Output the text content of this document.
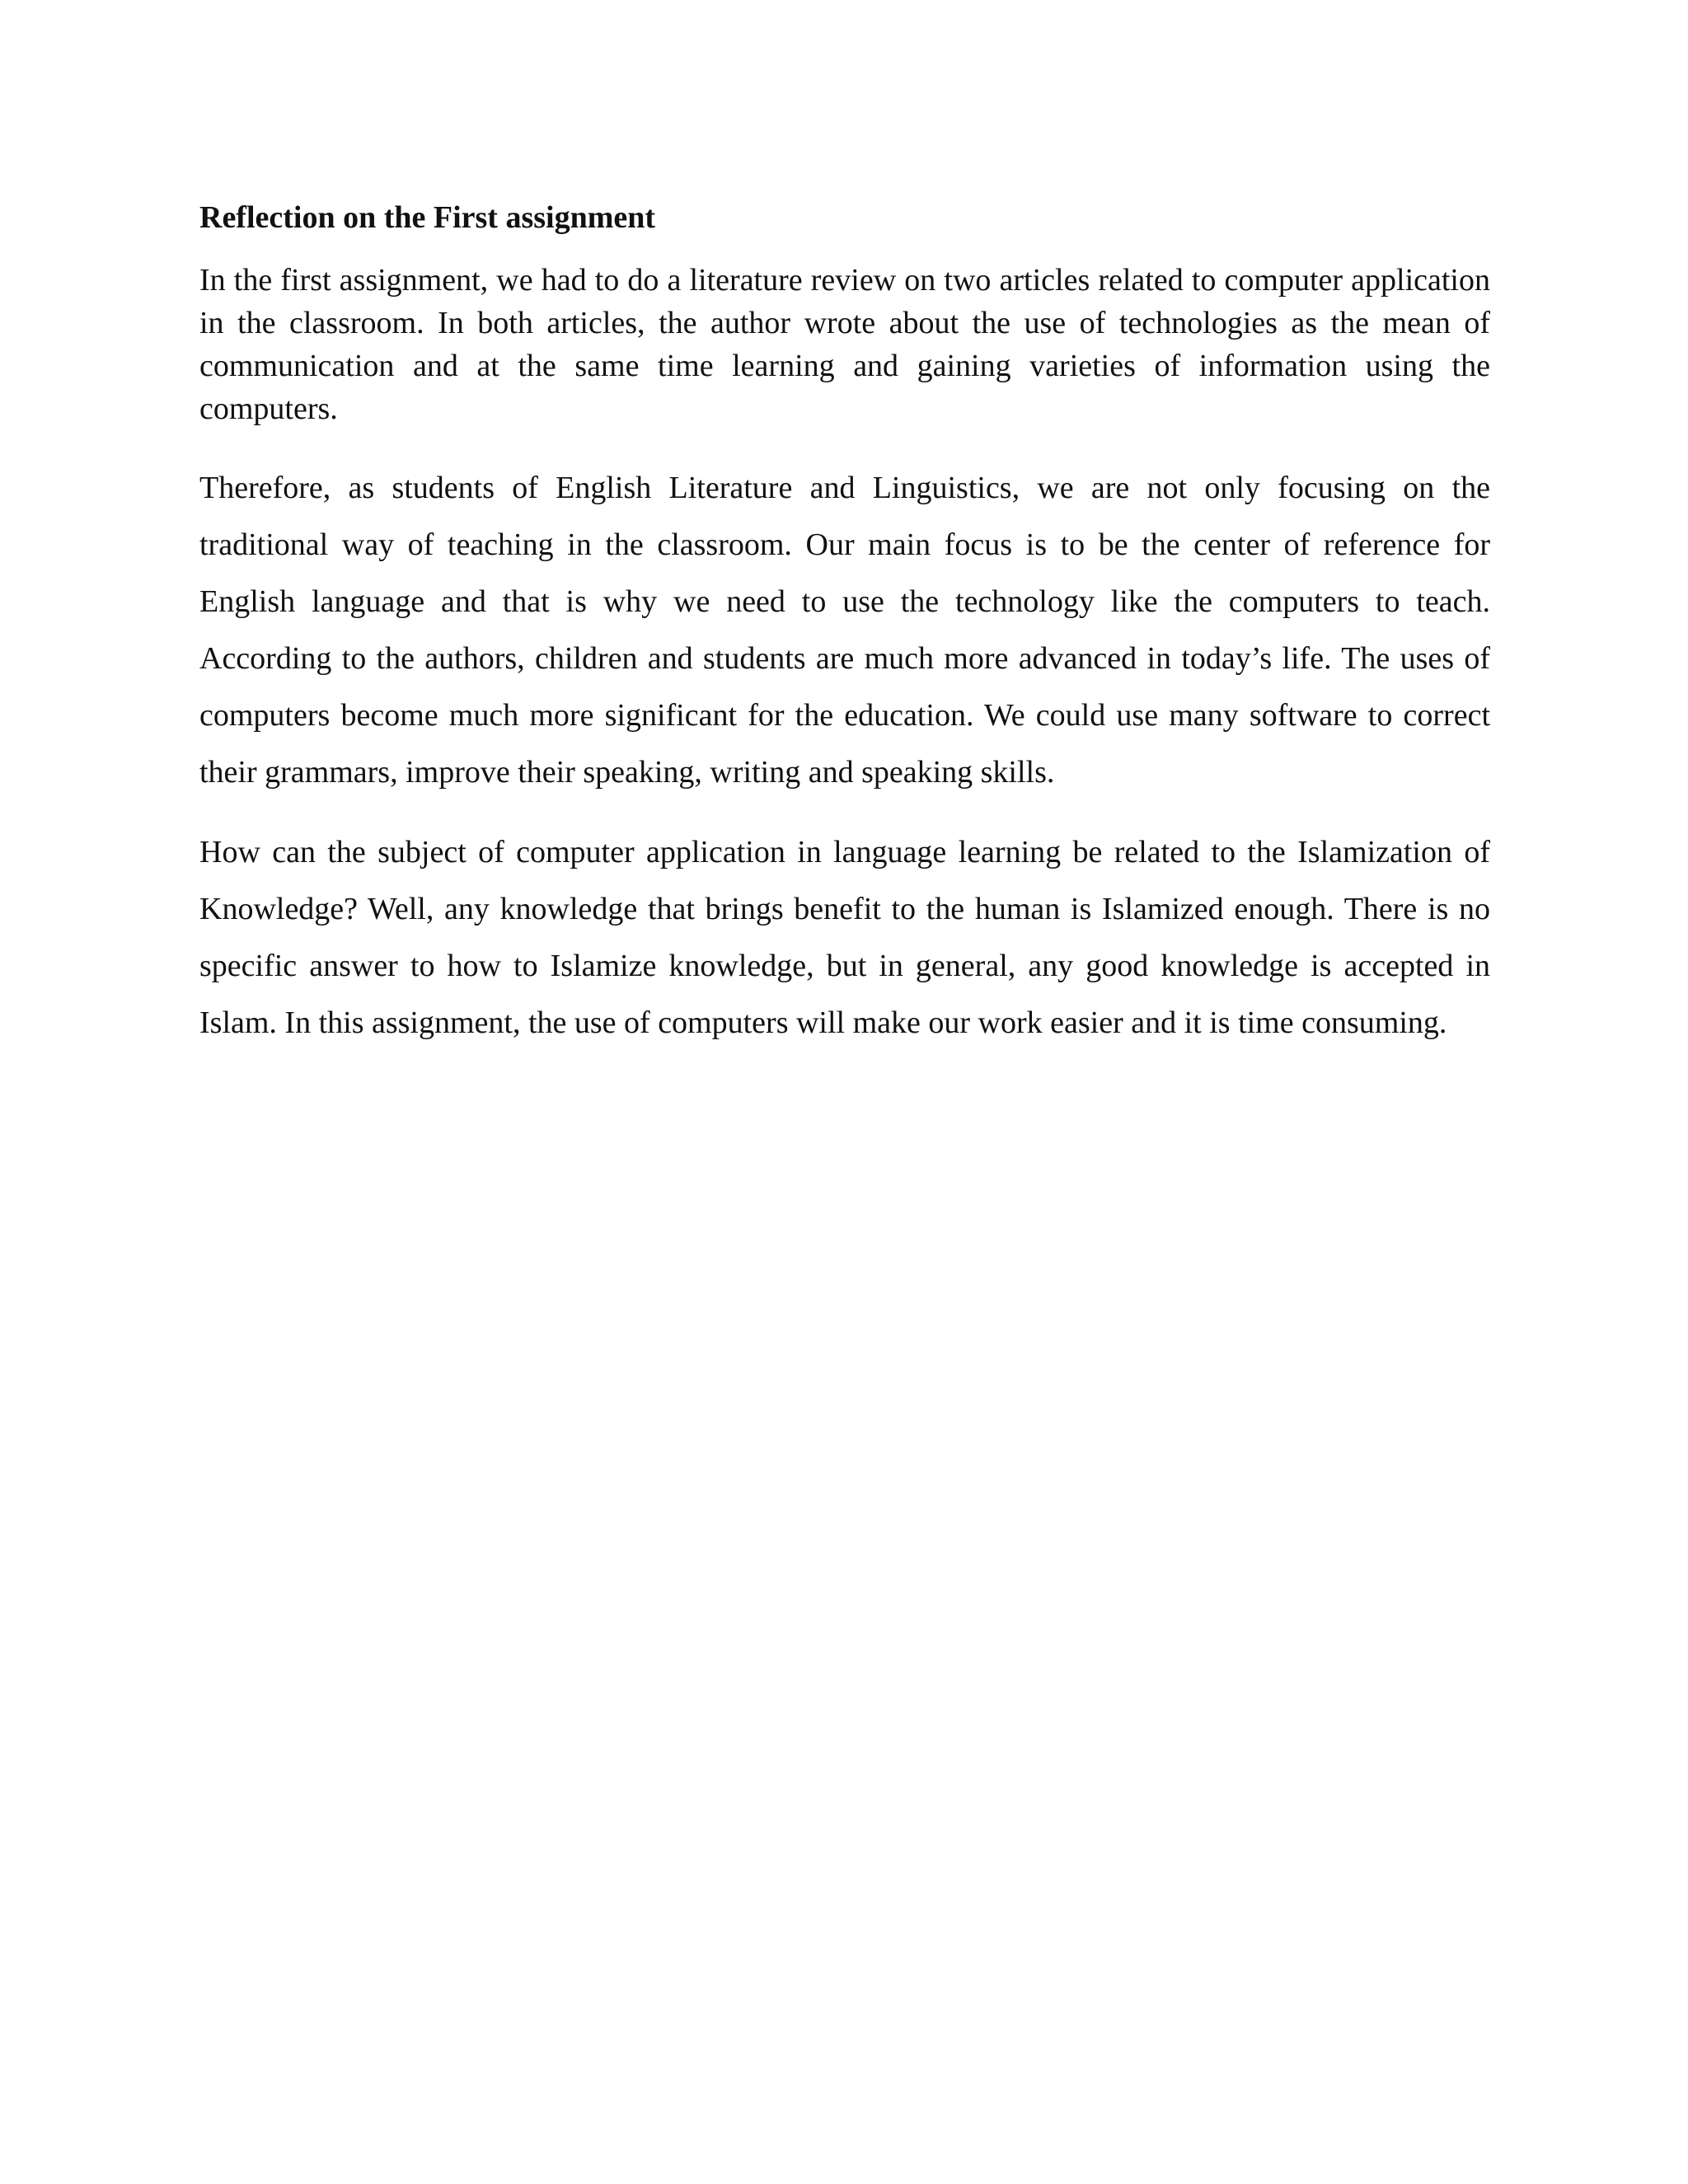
Reflection on the First assignment

In the first assignment, we had to do a literature review on two articles related to computer application in the classroom. In both articles, the author wrote about the use of technologies as the mean of communication and at the same time learning and gaining varieties of information using the computers.

Therefore, as students of English Literature and Linguistics, we are not only focusing on the traditional way of teaching in the classroom. Our main focus is to be the center of reference for English language and that is why we need to use the technology like the computers to teach. According to the authors, children and students are much more advanced in today’s life. The uses of computers become much more significant for the education. We could use many software to correct their grammars, improve their speaking, writing and speaking skills.

How can the subject of computer application in language learning be related to the Islamization of Knowledge? Well, any knowledge that brings benefit to the human is Islamized enough. There is no specific answer to how to Islamize knowledge, but in general, any good knowledge is accepted in Islam. In this assignment, the use of computers will make our work easier and it is time consuming.
